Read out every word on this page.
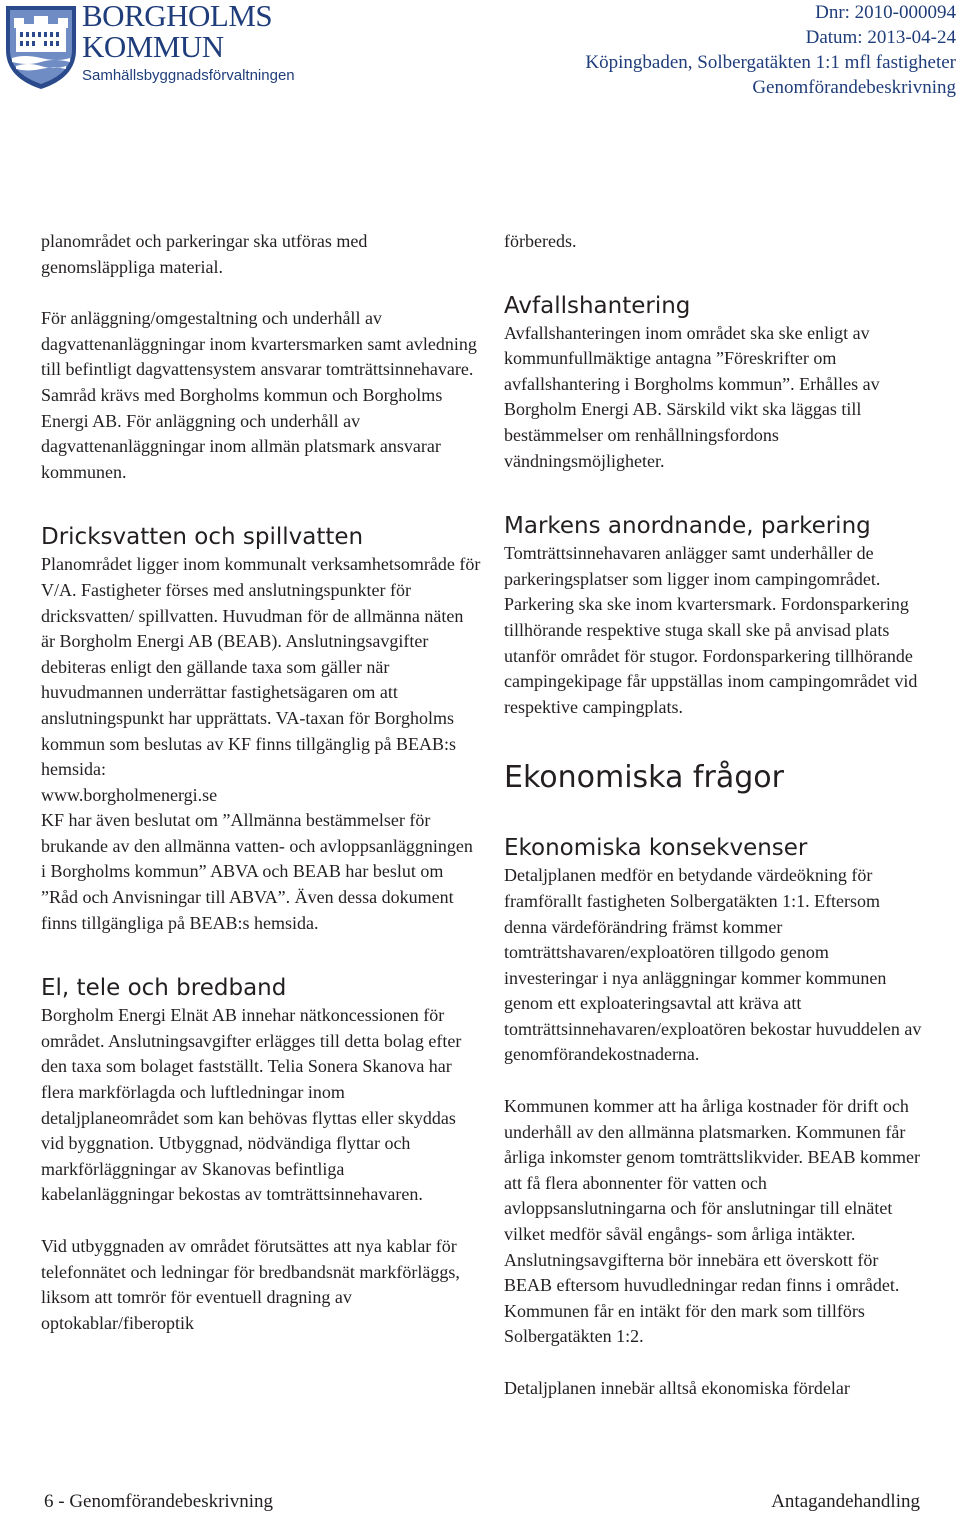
BORGHOLMS
KOMMUN
Samhällsbyggnadsförvaltningen
Dnr: 2010-000094
Datum: 2013-04-24
Köpingbaden, Solbergatäkten 1:1 mfl fastigheter
Genomförandebeskrivning

planområdet och parkeringar ska utföras med genomsläppliga material.

För anläggning/omgestaltning och underhåll av dagvattenanläggningar inom kvartersmarken samt avledning till befintligt dagvattensystem ansvarar tomträttsinnehavare. Samråd krävs med Borgholms kommun och Borgholms Energi AB. För anläggning och underhåll av dagvattenanläggningar inom allmän platsmark ansvarar kommunen.

Dricksvatten och spillvatten

Planområdet ligger inom kommunalt verksamhetsområde för V/A. Fastigheter förses med anslutningspunkter för dricksvatten/ spillvatten. Huvudman för de allmänna näten är Borgholm Energi AB (BEAB). Anslutningsavgifter debiteras enligt den gällande taxa som gäller när huvudmannen underrättar fastighetsägaren om att anslutningspunkt har upprättats. VA-taxan för Borgholms kommun som beslutas av KF finns tillgänglig på BEAB:s hemsida:

www.borgholmenergi.se

KF har även beslutat om ”Allmänna bestämmelser för brukande av den allmänna vatten- och avloppsanläggningen i Borgholms kommun” ABVA och BEAB har beslut om ”Råd och Anvisningar till ABVA”. Även dessa dokument finns tillgängliga på BEAB:s hemsida.

El, tele och bredband

Borgholm Energi Elnät AB innehar nätkoncessionen för området. Anslutningsavgifter erlägges till detta bolag efter den taxa som bolaget fastställt. Telia Sonera Skanova har flera markförlagda och luftledningar inom detaljplaneområdet som kan behövas flyttas eller skyddas vid byggnation. Utbyggnad, nödvändiga flyttar och markförläggningar av Skanovas befintliga kabelanläggningar bekostas av tomträttsinnehavaren.

Vid utbyggnaden av området förutsättes att nya kablar för telefonnätet och ledningar för bredbandsnät markförläggs, liksom att tomrör för eventuell dragning av optokablar/fiberoptik

förbereds.

Avfallshantering

Avfallshanteringen inom området ska ske enligt av kommunfullmäktige antagna ”Föreskrifter om avfallshantering i Borgholms kommun”. Erhålles av Borgholm Energi AB. Särskild vikt ska läggas till bestämmelser om renhållningsfordons vändningsmöjligheter.

Markens anordnande, parkering

Tomträttsinnehavaren anlägger samt underhåller de parkeringsplatser som ligger inom campingområdet. Parkering ska ske inom kvartersmark. Fordonsparkering tillhörande respektive stuga skall ske på anvisad plats utanför området för stugor. Fordonsparkering tillhörande campingekipage får uppställas inom campingområdet vid respektive campingplats.

Ekonomiska frågor
Ekonomiska konsekvenser

Detaljplanen medför en betydande värdeökning för framförallt fastigheten Solbergatäkten 1:1. Eftersom denna värdeförändring främst kommer tomträttshavaren/exploatören tillgodo genom investeringar i nya anläggningar kommer kommunen genom ett exploateringsavtal att kräva att tomträttsinnehavaren/exploatören bekostar huvuddelen av genomförandekostnaderna.

Kommunen kommer att ha årliga kostnader för drift och underhåll av den allmänna platsmarken. Kommunen får årliga inkomster genom tomträttslikvider. BEAB kommer att få flera abonnenter för vatten och avloppsanslutningarna och för anslutningar till elnätet vilket medför såväl engångs- som årliga intäkter. Anslutningsavgifterna bör innebära ett överskott för BEAB eftersom huvudledningar redan finns i området. Kommunen får en intäkt för den mark som tillförs Solbergatäkten 1:2.

Detaljplanen innebär alltså ekonomiska fördelar

6 - Genomförandebeskrivning	Antagandehandling
